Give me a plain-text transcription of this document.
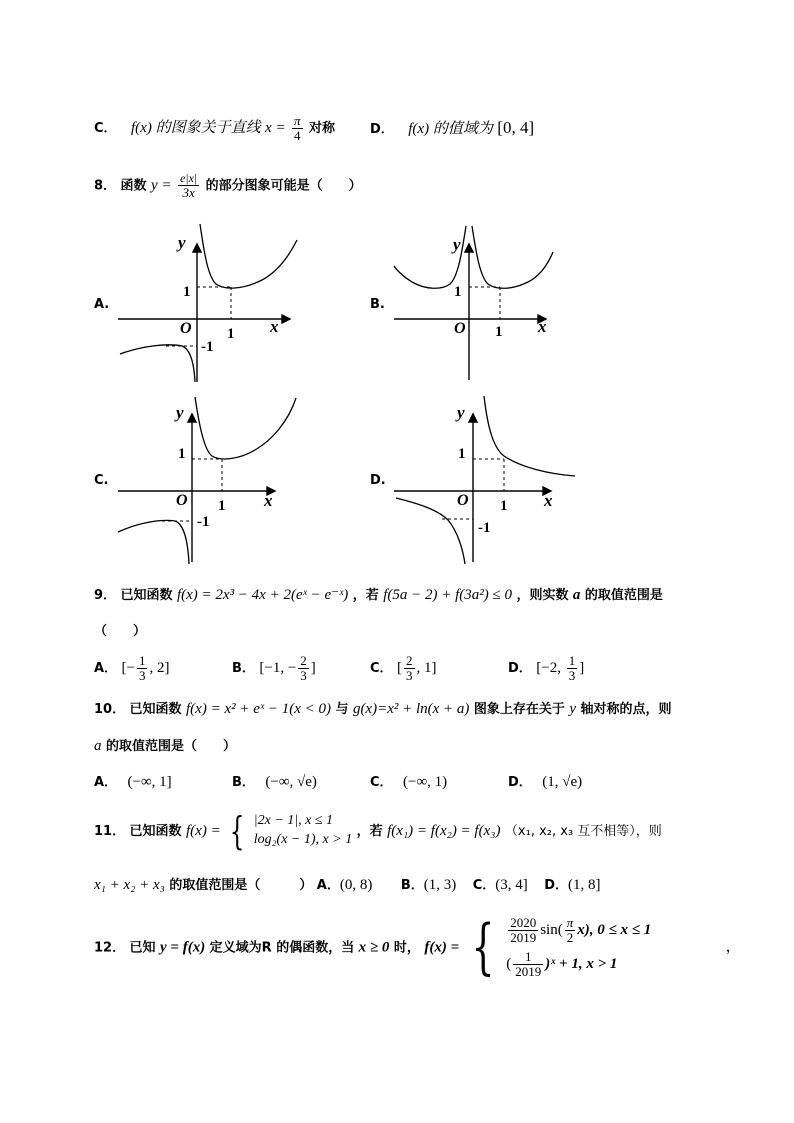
C． f(x) 的图象关于直线 $x = \frac{\pi}{4}$ 对称	D． f(x) 的值域为 [0, 4]
8． 函数 $y = \frac{e|x|}{3x}$ 的部分图象可能是（　　）
A.
y
x
O
1
1
-1
B.
y
x
O
1
1
C.
y
x
O
1
1
-1
D.
y
x
O
1
1
-1
9． 已知函数 f(x) = 2x³ − 4x + 2(eˣ − e⁻ˣ) ，若 f(5a − 2) + f(3a²) ≤ 0 ，则实数 a 的取值范围是
（　　）
A． [− $\frac{1}{3}$ , 2]	B． [−1, − $\frac{2}{3}$ ]	C． [ $\frac{2}{3}$ , 1]	D． [−2, $\frac{1}{3}$ ]
10． 已知函数 f(x) = x² + eˣ − 1(x < 0) 与 g(x)=x² + ln(x + a) 图象上存在关于 y 轴对称的点，则
a 的取值范围是（　　）
A． (−∞, 1]	B． (−∞, √e)	C． (−∞, 1)	D． (1, √e)
11． 已知函数 f(x) = { |2x − 1|, x ≤ 1
log₂(x − 1), x > 1
，若 f(x₁) = f(x₂) = f(x₃) （x₁, x₂, x₃ 互不相等），则
x₁ + x₂ + x₃ 的取值范围是（　　　） A．(0, 8) B．(1, 3) C．(3, 4] D．(1, 8]
12． 已知 y = f(x) 定义域为R 的偶函数，当 x ≥ 0 时， f(x) = { $\frac{2020}{2019} \sin( \frac{\pi}{2} x)$, 0 ≤ x ≤ 1
( $\frac{1}{2019}$ )ˣ + 1, x > 1
，
